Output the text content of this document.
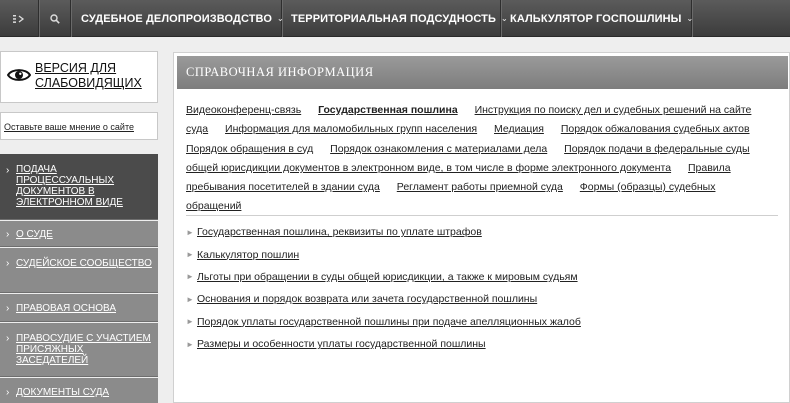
СУДЕБНОЕ ДЕЛОПРОИЗВОДСТВО ⌄ ТЕРРИТОРИАЛЬНАЯ ПОДСУДНОСТЬ ⌄ КАЛЬКУЛЯТОР ГОСПОШЛИНЫ ⌄
ВЕРСИЯ ДЛЯ СЛАБОВИДЯЩИХ
Оставьте ваше мнение о сайте
› ПОДАЧА ПРОЦЕССУАЛЬНЫХ ДОКУМЕНТОВ В ЭЛЕКТРОННОМ ВИДЕ
› О СУДЕ
› СУДЕЙСКОЕ СООБЩЕСТВО
› ПРАВОВАЯ ОСНОВА
› ПРАВОСУДИЕ С УЧАСТИЕМ ПРИСЯЖНЫХ ЗАСЕДАТЕЛЕЙ
› ДОКУМЕНТЫ СУДА
СПРАВОЧНАЯ ИНФОРМАЦИЯ
Видеоконференц-связь Государственная пошлина Инструкция по поиску дел и судебных решений на сайте суда Информация для маломобильных групп населения Медиация Порядок обжалования судебных актов Порядок обращения в суд Порядок ознакомления с материалами дела Порядок подачи в федеральные суды общей юрисдикции документов в электронном виде, в том числе в форме электронного документа Правила пребывания посетителей в здании суда Регламент работы приемной суда Формы (образцы) судебных обращений
► Государственная пошлина, реквизиты по уплате штрафов
► Калькулятор пошлин
► Льготы при обращении в суды общей юрисдикции, а также к мировым судьям
► Основания и порядок возврата или зачета государственной пошлины
► Порядок уплаты государственной пошлины при подаче апелляционных жалоб
► Размеры и особенности уплаты государственной пошлины
